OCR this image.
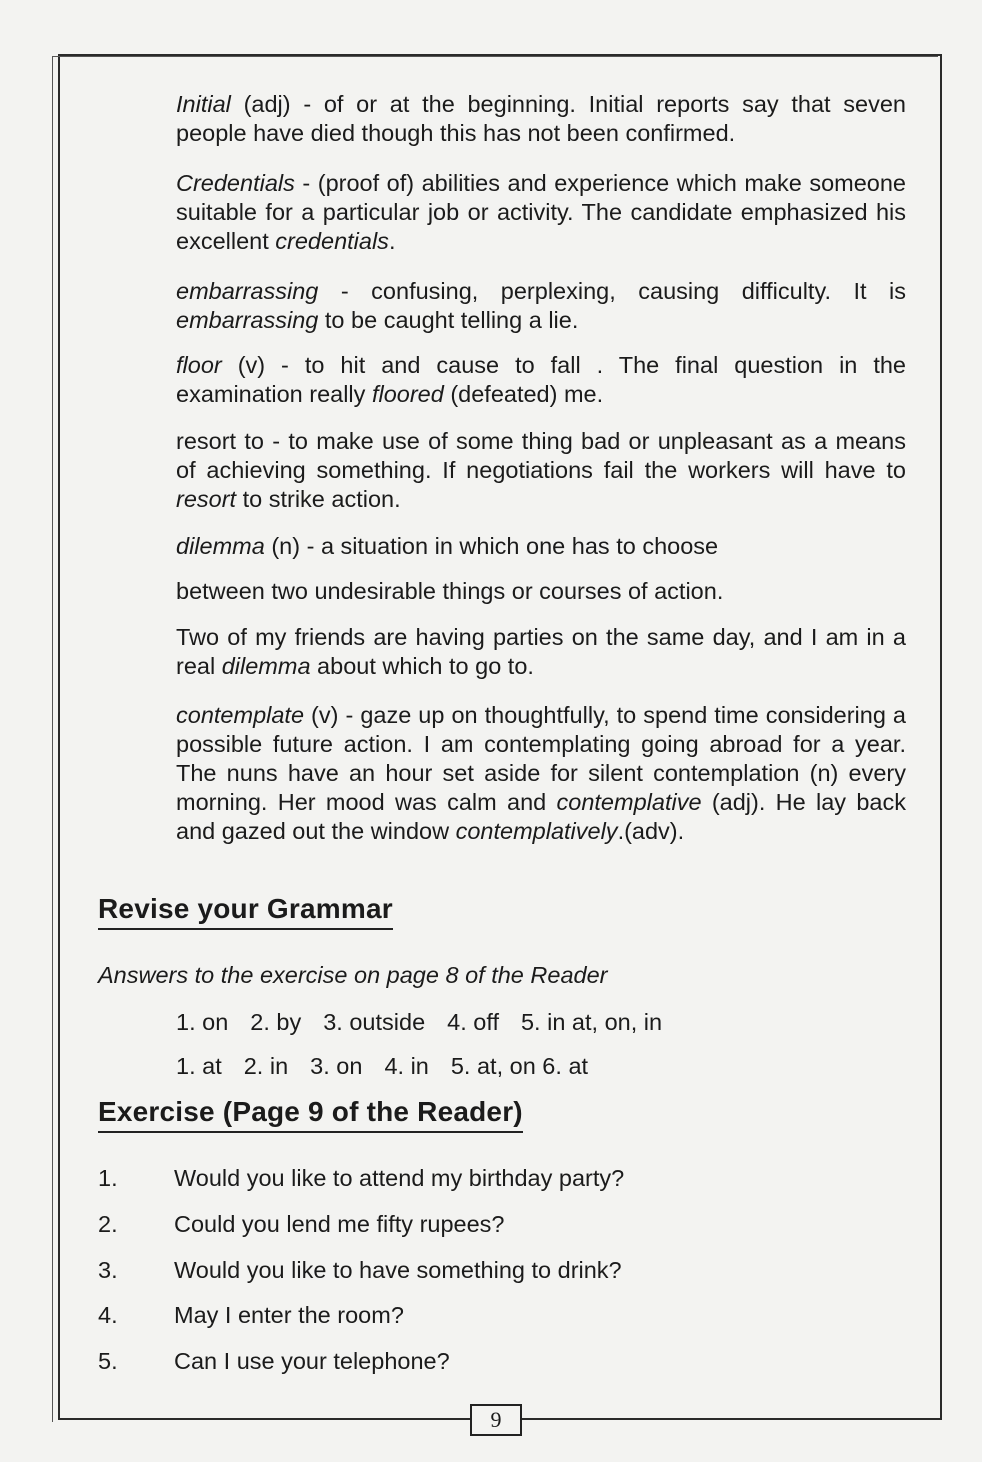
Initial (adj) - of or at the beginning. Initial reports say that seven people have died though this has not been confirmed.
Credentials - (proof of) abilities and experience which make someone suitable for a particular job or activity. The candidate emphasized his excellent credentials.
embarrassing - confusing, perplexing, causing difficulty. It is embarrassing to be caught telling a lie.
floor (v) - to hit and cause to fall . The final question in the examination really floored (defeated) me.
resort to - to make use of some thing bad or unpleasant as a means of achieving something. If negotiations fail the workers will have to resort to strike action.
dilemma (n) - a situation in which one has to choose
between two undesirable things or courses of action.
Two of my friends are having parties on the same day, and I am in a real dilemma about which to go to.
contemplate (v) - gaze up on thoughtfully, to spend time considering a possible future action. I am contemplating going abroad for a year. The nuns have an hour set aside for silent contemplation (n) every morning. Her mood was calm and contemplative (adj). He lay back and gazed out the window contemplatively.(adv).
Revise your Grammar
Answers to the exercise on page 8 of the Reader
1. on 2. by 3. outside 4. off 5. in at, on, in
1. at 2. in 3. on 4. in 5. at, on 6. at
Exercise (Page 9 of the Reader)
1.	Would you like to attend my birthday party?
2.	Could you lend me fifty rupees?
3.	Would you like to have something to drink?
4.	May I enter the room?
5.	Can I use your telephone?
9
